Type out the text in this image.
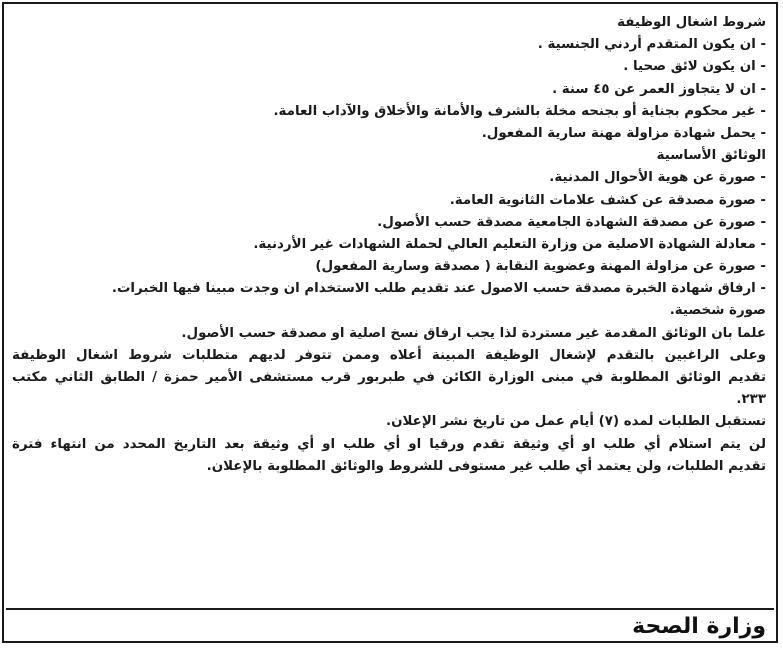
شروط اشغال الوظيفة
- ان يكون المتقدم أردني الجنسية .
- ان يكون لائق صحيا .
- ان لا يتجاوز العمر عن ٤٥ سنة .
- غير محكوم بجناية أو بجنحه مخلة بالشرف والأمانة والأخلاق والآداب العامة.
- يحمل شهادة مزاولة مهنة سارية المفعول.
الوثائق الأساسية
- صورة عن هوية الأحوال المدنية.
- صورة مصدقة عن كشف علامات الثانوية العامة.
- صورة عن مصدقة الشهادة الجامعية مصدقة حسب الأصول.
- معادلة الشهادة الاصلية من وزارة التعليم العالي لحملة الشهادات غير الأردنية.
- صورة عن مزاولة المهنة وعضوية النقابة ( مصدقة وسارية المفعول)
- ارفاق شهادة الخبرة مصدقة حسب الاصول عند تقديم طلب الاستخدام ان وجدت مبينا فيها الخبرات.
صورة شخصية.
علما بان الوثائق المقدمة غير مستردة لذا يجب ارفاق نسخ اصلية او مصدقة حسب الأصول.
وعلى الراغبين بالتقدم لإشغال الوظيفة المبينة أعلاه وممن تتوفر لديهم متطلبات شروط اشغال الوظيفة
تقديم الوثائق المطلوبة في مبنى الوزارة الكائن في طبربور قرب مستشفى الأمير حمزة / الطابق الثاني مكتب
٢٣٣.
تستقبل الطلبات لمده (٧) أيام عمل من تاريخ نشر الإعلان.
لن يتم استلام أي طلب او أي وثيقة تقدم ورقيا او أي طلب او أي وثيقة بعد التاريخ المحدد من انتهاء فترة
تقديم الطلبات، ولن يعتمد أي طلب غير مستوفى للشروط والوثائق المطلوبة بالإعلان.
وزارة الصحة
